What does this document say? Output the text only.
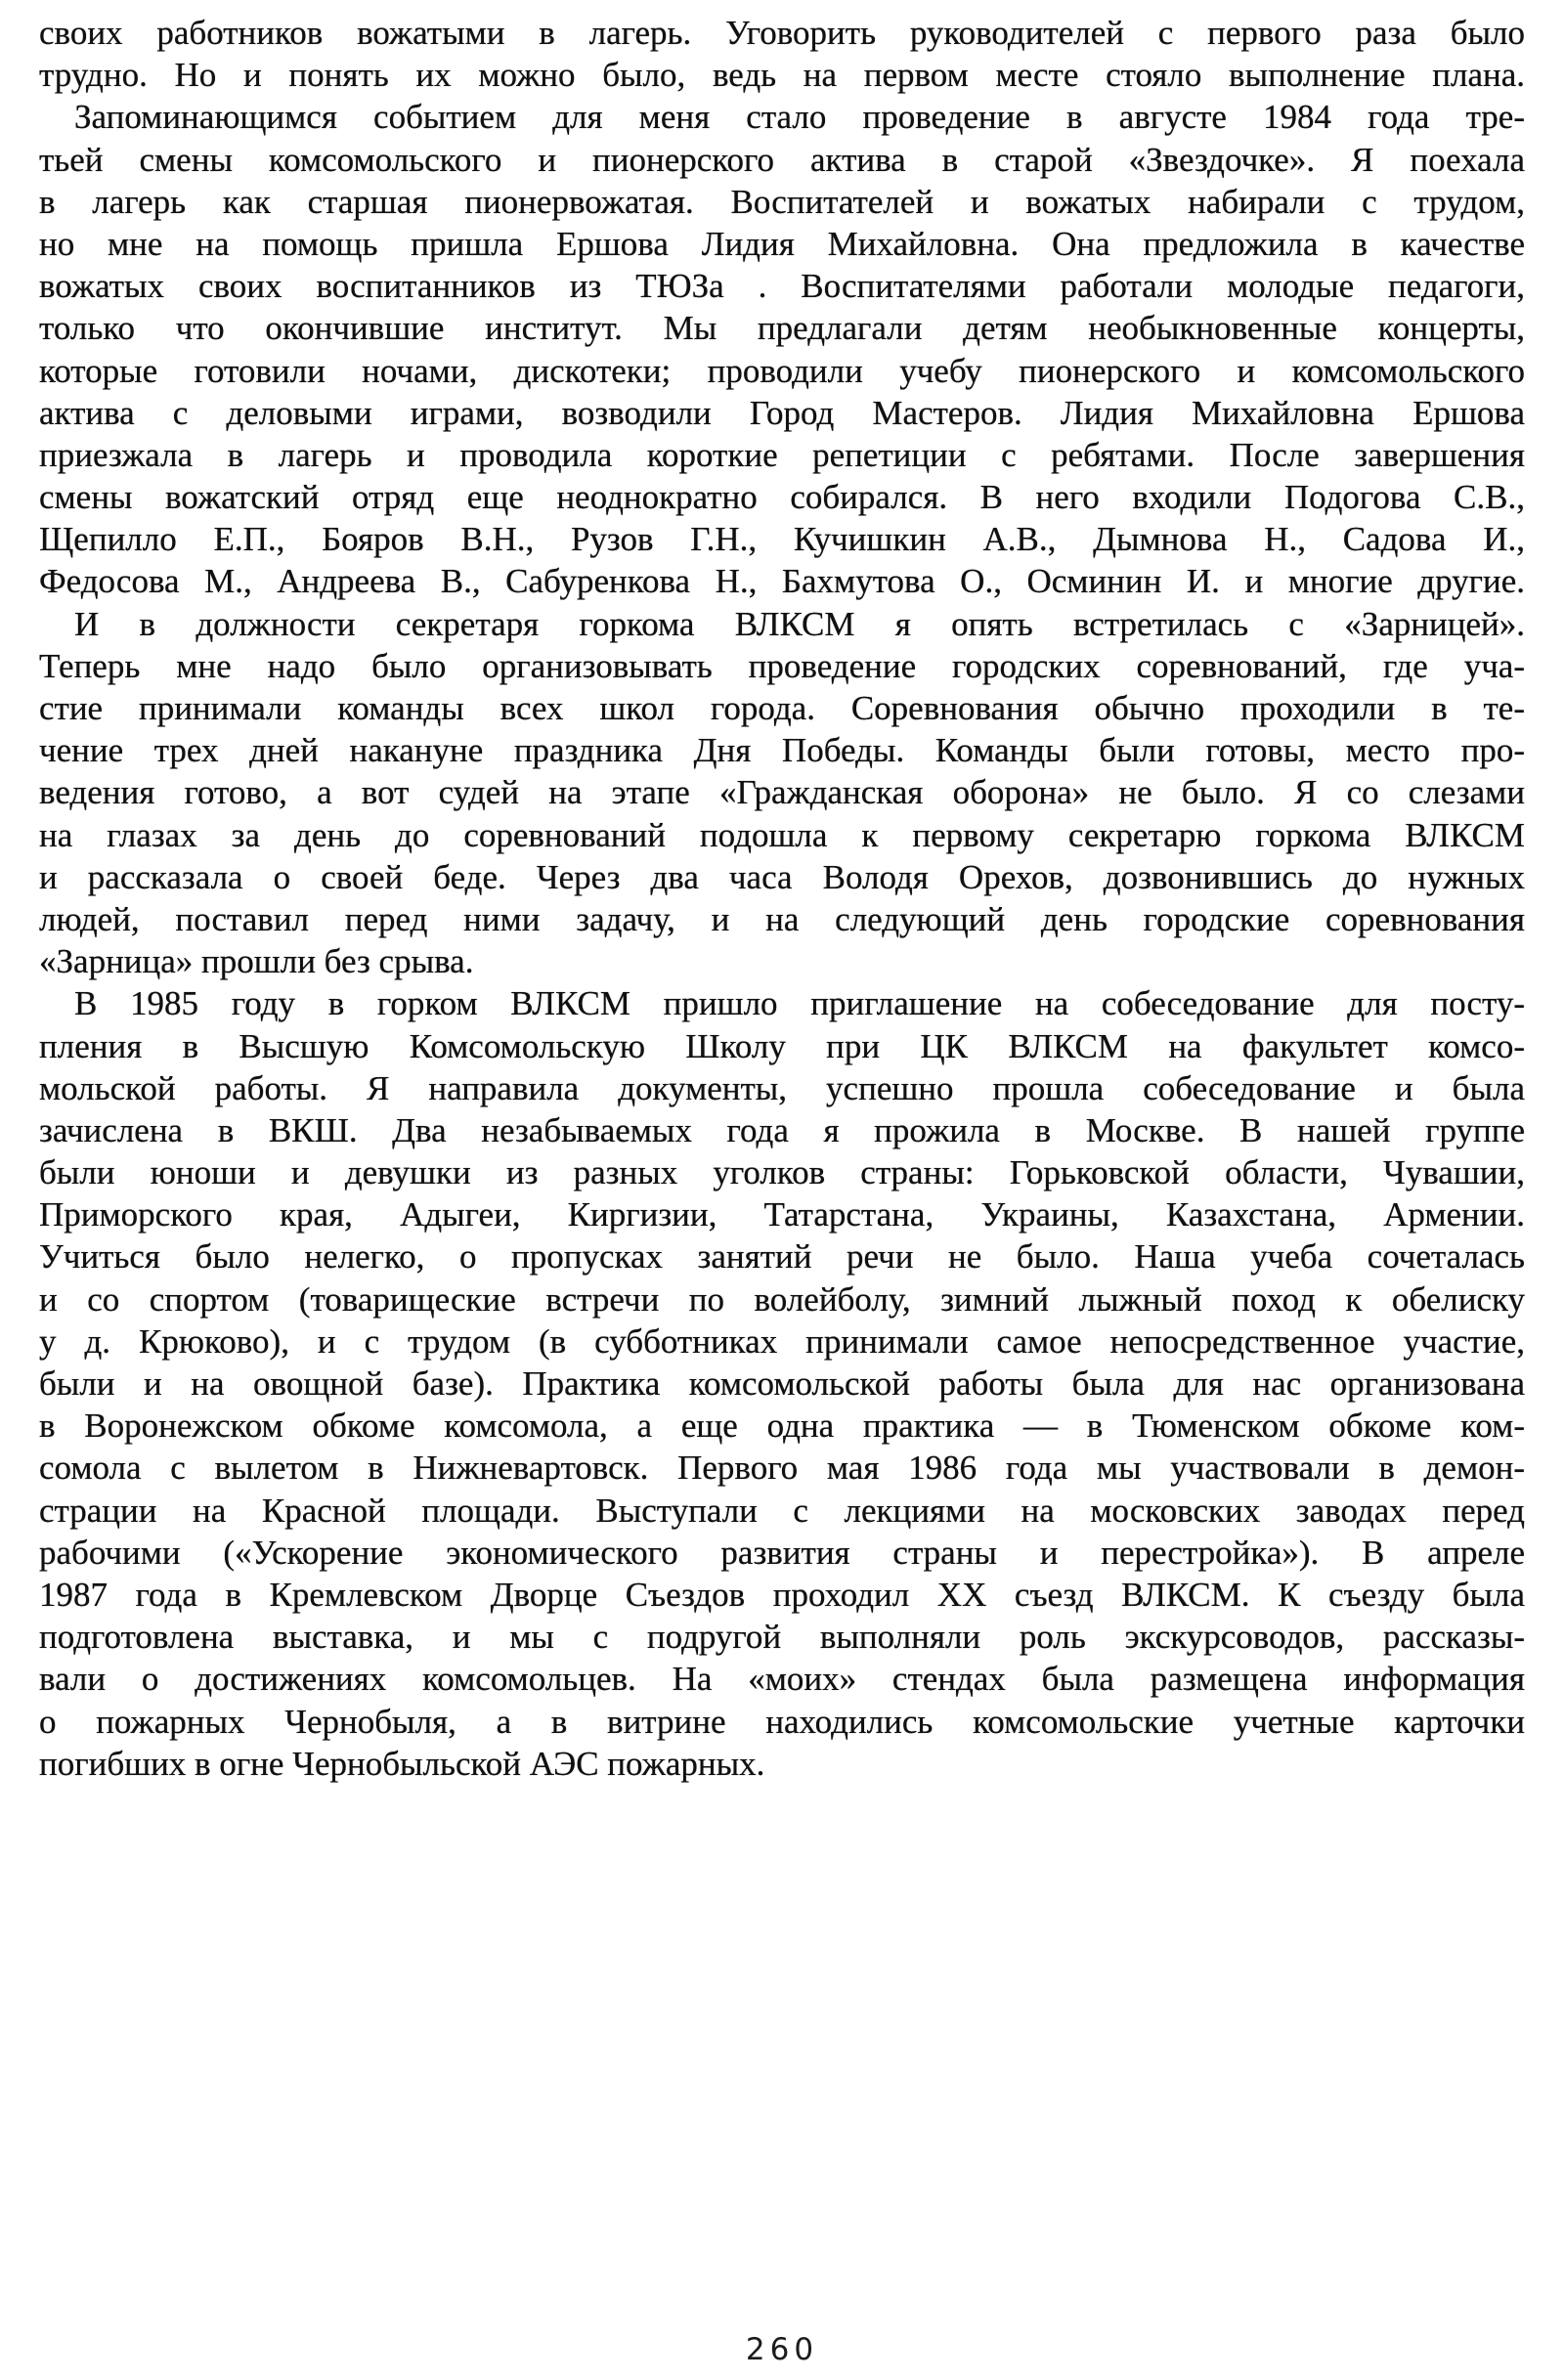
своих работников вожатыми в лагерь. Уговорить руководителей с первого раза было
трудно. Но и понять их можно было, ведь на первом месте стояло выполнение плана.
Запоминающимся событием для меня стало проведение в августе 1984 года тре-
тьей смены комсомольского и пионерского актива в старой «Звездочке». Я поехала
в лагерь как старшая пионервожатая. Воспитателей и вожатых набирали с трудом,
но мне на помощь пришла Ершова Лидия Михайловна. Она предложила в качестве
вожатых своих воспитанников из ТЮЗа . Воспитателями работали молодые педагоги,
только что окончившие институт. Мы предлагали детям необыкновенные концерты,
которые готовили ночами, дискотеки; проводили учебу пионерского и комсомольского
актива с деловыми играми, возводили Город Мастеров. Лидия Михайловна Ершова
приезжала в лагерь и проводила короткие репетиции с ребятами. После завершения
смены вожатский отряд еще неоднократно собирался. В него входили Подогова С.В.,
Щепилло Е.П., Бояров В.Н., Рузов Г.Н., Кучишкин А.В., Дымнова Н., Садова И.,
Федосова М., Андреева В., Сабуренкова Н., Бахмутова О., Осминин И. и многие другие.
И в должности секретаря горкома ВЛКСМ я опять встретилась с «Зарницей».
Теперь мне надо было организовывать проведение городских соревнований, где уча-
стие принимали команды всех школ города. Соревнования обычно проходили в те-
чение трех дней накануне праздника Дня Победы. Команды были готовы, место про-
ведения готово, а вот судей на этапе «Гражданская оборона» не было. Я со слезами
на глазах за день до соревнований подошла к первому секретарю горкома ВЛКСМ
и рассказала о своей беде. Через два часа Володя Орехов, дозвонившись до нужных
людей, поставил перед ними задачу, и на следующий день городские соревнования
«Зарница» прошли без срыва.
В 1985 году в горком ВЛКСМ пришло приглашение на собеседование для посту-
пления в Высшую Комсомольскую Школу при ЦК ВЛКСМ на факультет комсо-
мольской работы. Я направила документы, успешно прошла собеседование и была
зачислена в ВКШ. Два незабываемых года я прожила в Москве. В нашей группе
были юноши и девушки из разных уголков страны: Горьковской области, Чувашии,
Приморского края, Адыгеи, Киргизии, Татарстана, Украины, Казахстана, Армении.
Учиться было нелегко, о пропусках занятий речи не было. Наша учеба сочеталась
и со спортом (товарищеские встречи по волейболу, зимний лыжный поход к обелиску
у д. Крюково), и с трудом (в субботниках принимали самое непосредственное участие,
были и на овощной базе). Практика комсомольской работы была для нас организована
в Воронежском обкоме комсомола, а еще одна практика — в Тюменском обкоме ком-
сомола с вылетом в Нижневартовск. Первого мая 1986 года мы участвовали в демон-
страции на Красной площади. Выступали с лекциями на московских заводах перед
рабочими («Ускорение экономического развития страны и перестройка»). В апреле
1987 года в Кремлевском Дворце Съездов проходил XX съезд ВЛКСМ. К съезду была
подготовлена выставка, и мы с подругой выполняли роль экскурсоводов, рассказы-
вали о достижениях комсомольцев. На «моих» стендах была размещена информация
о пожарных Чернобыля, а в витрине находились комсомольские учетные карточки
погибших в огне Чернобыльской АЭС пожарных.
260
